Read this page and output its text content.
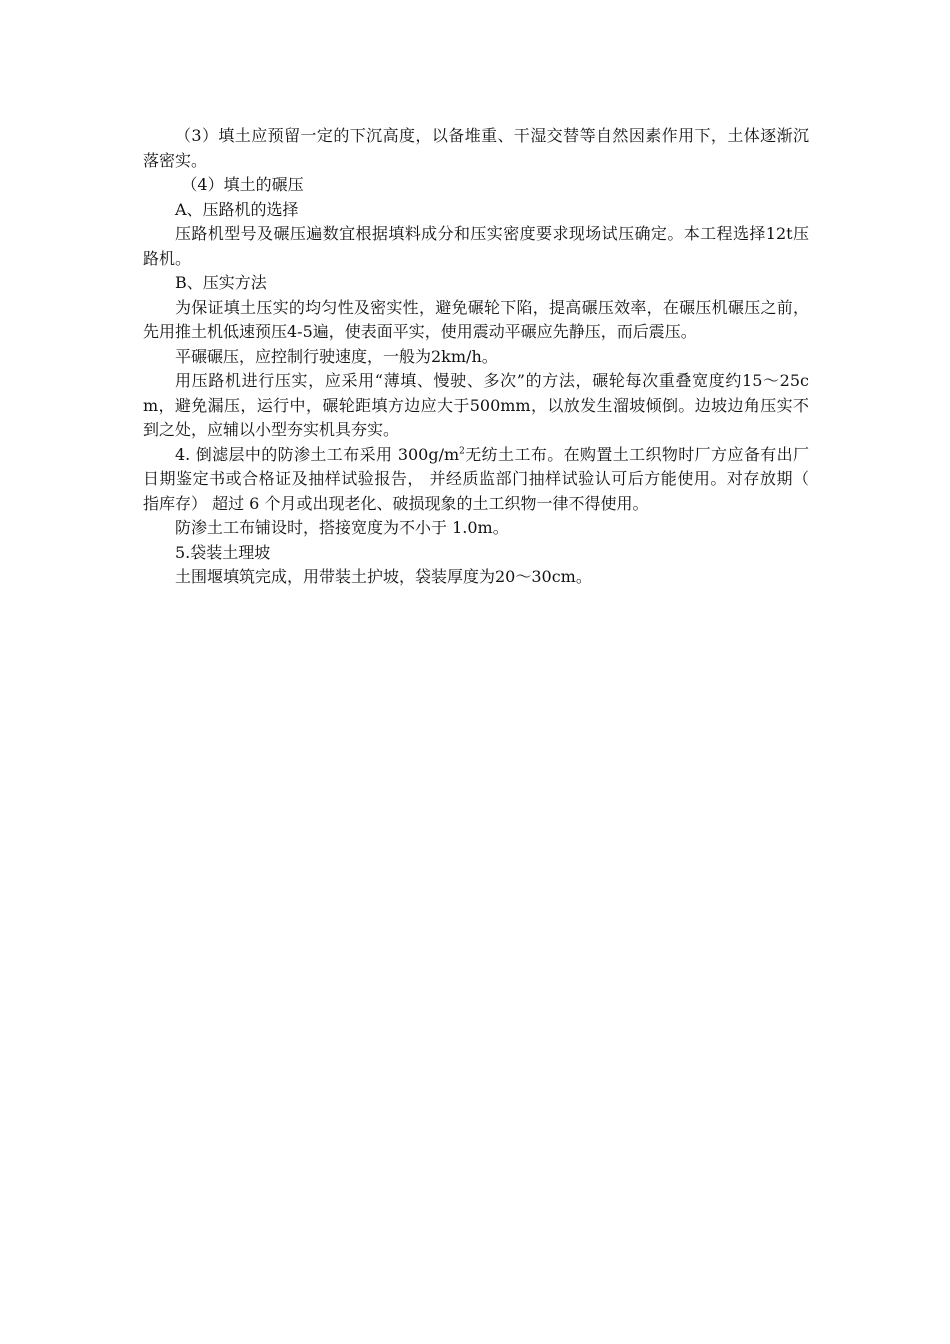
（3）填土应预留一定的下沉高度，以备堆重、干湿交替等自然因素作用下，土体逐渐沉落密实。

（4）填土的碾压

A、压路机的选择

压路机型号及碾压遍数宜根据填料成分和压实密度要求现场试压确定。本工程选择12t压路机。

B、压实方法

为保证填土压实的均匀性及密实性，避免碾轮下陷，提高碾压效率，在碾压机碾压之前，先用推土机低速预压4-5遍，使表面平实，使用震动平碾应先静压，而后震压。

平碾碾压，应控制行驶速度，一般为2km/h。

用压路机进行压实，应采用“薄填、慢驶、多次”的方法，碾轮每次重叠宽度约15～25cm，避免漏压，运行中，碾轮距填方边应大于500mm，以放发生溜坡倾倒。边坡边角压实不到之处，应辅以小型夯实机具夯实。

4. 倒滤层中的防渗土工布采用 $300g/m^2$无纺土工布。在购置土工织物时厂方应备有出厂日期鉴定书或合格证及抽样试验报告， 并经质监部门抽样试验认可后方能使用。对存放期（ 指库存） 超过 6 个月或出现老化、破损现象的土工织物一律不得使用。

防渗土工布铺设时，搭接宽度为不小于 1.0m。

5.袋装土理坡

土围堰填筑完成，用带装土护坡，袋装厚度为20～30cm。
